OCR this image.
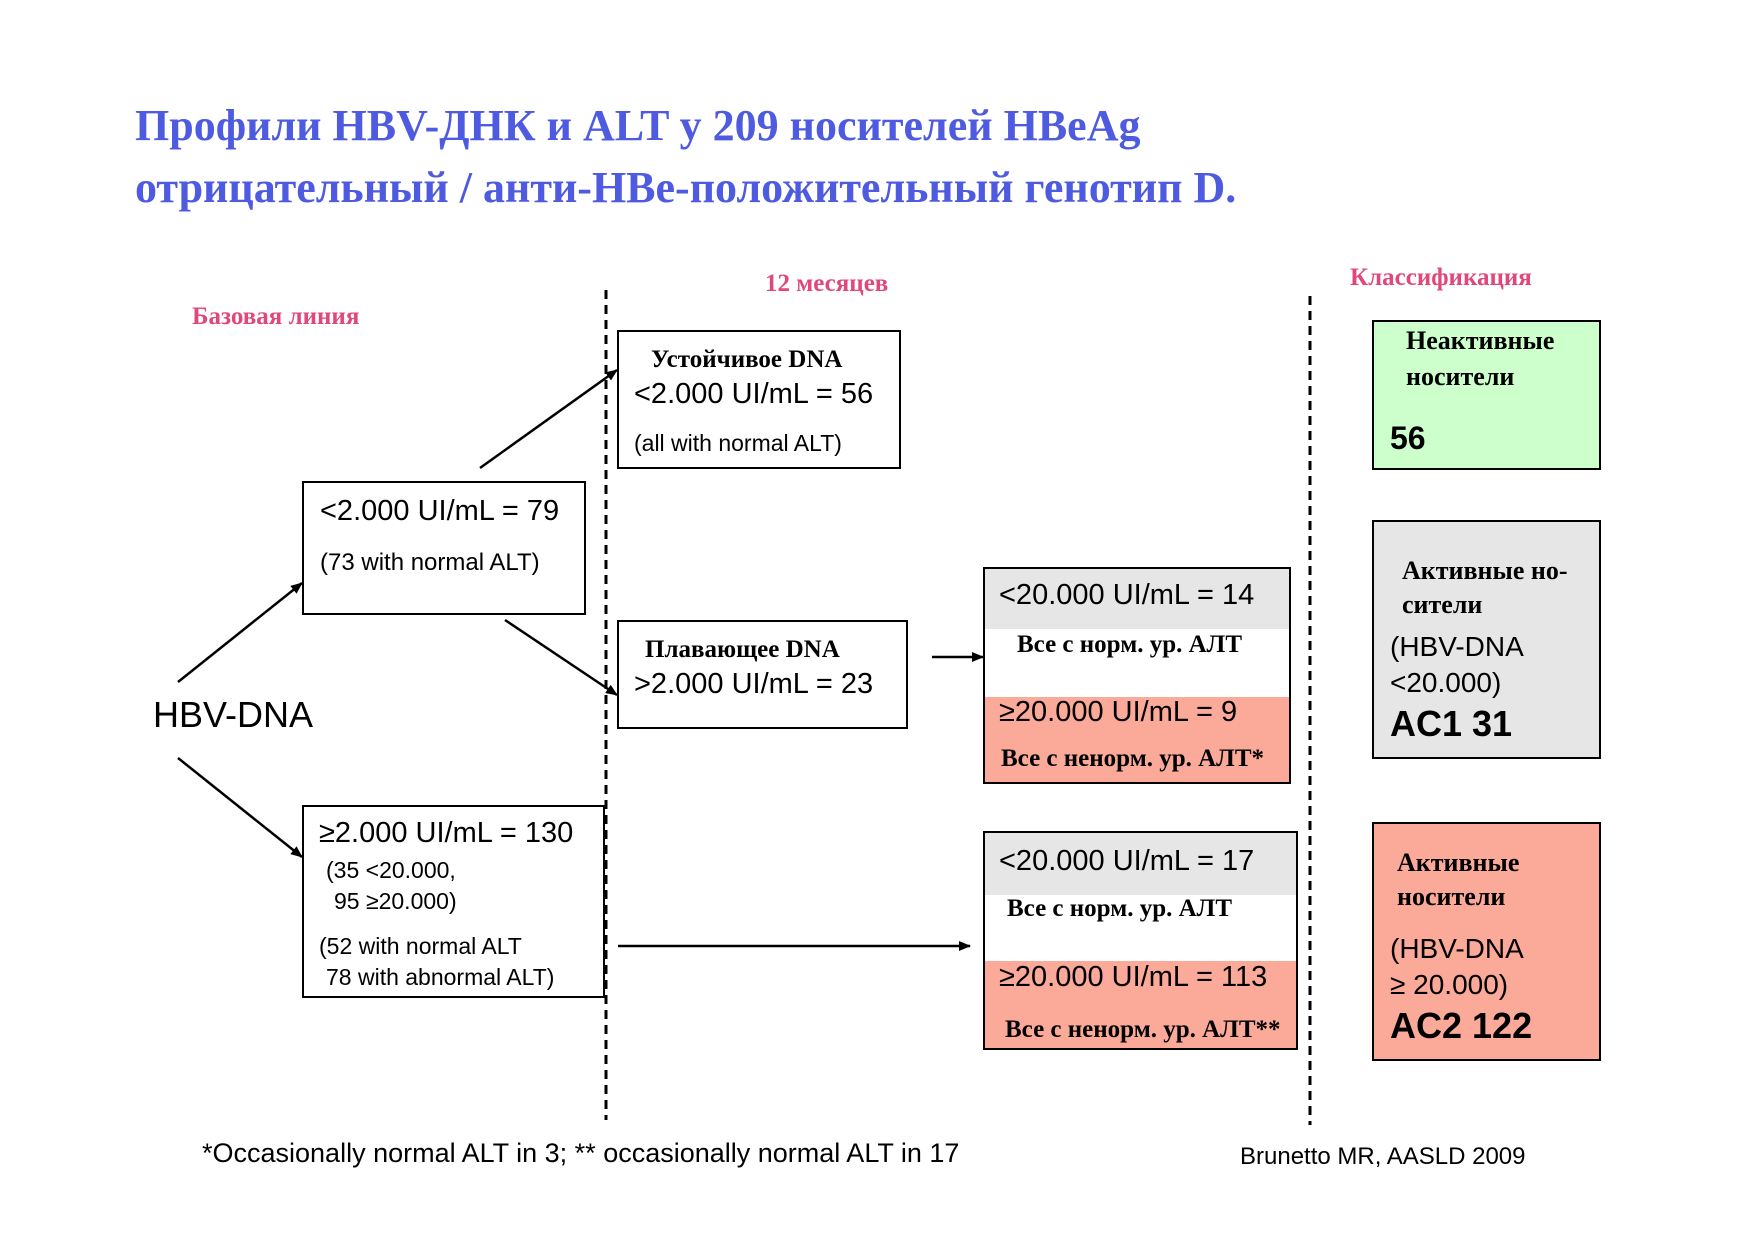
Профили HBV-ДНК и ALT у 209 носителей HBeAg
отрицательный / анти-HBe-положительный генотип D.
Базовая линия
12 месяцев	Классификация
HBV-DNA
<2.000 UI/mL = 79
(73 with normal ALT)
≥2.000 UI/mL = 130
(35 <20.000,
95 ≥20.000)
(52 with normal ALT
78 with abnormal ALT)
Устойчивое DNA
<2.000 UI/mL = 56
(all with normal ALT)
Плавающее DNA
>2.000 UI/mL = 23
<20.000 UI/mL = 14
Все с норм. ур. АЛТ
≥20.000 UI/mL = 9
Все с ненорм. ур. АЛТ*
<20.000 UI/mL = 17
Все с норм. ур. АЛТ
≥20.000 UI/mL = 113
Все с ненорм. ур. АЛТ**
Неактивные
носители
56
Активные но-
сители
(HBV-DNA
<20.000)
AC1 31
Активные
носители
(HBV-DNA
≥ 20.000)
AC2 122
*Occasionally normal ALT in 3; ** occasionally normal ALT in 17	Brunetto MR, AASLD 2009
